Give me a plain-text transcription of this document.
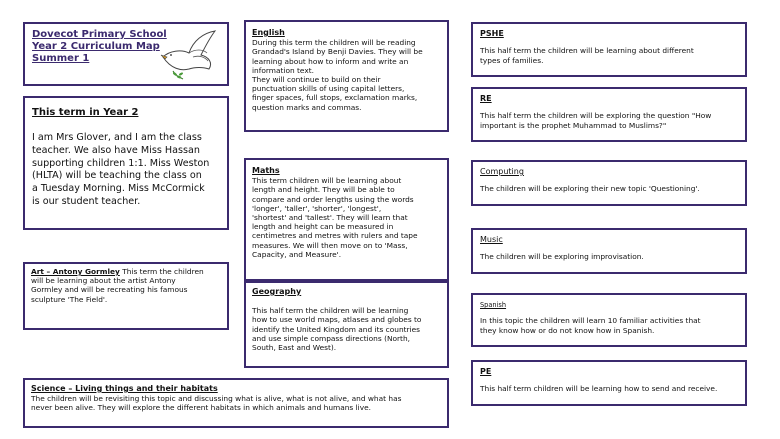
Dovecot Primary School
Year 2 Curriculum Map
Summer 1
This term in Year 2
I am Mrs Glover, and I am the class
teacher. We also have Miss Hassan
supporting children 1:1. Miss Weston
(HLTA) will be teaching the class on
a Tuesday Morning. Miss McCormick
is our student teacher.
Art – Antony Gormley This term the children
will be learning about the artist Antony
Gormley and will be recreating his famous
sculpture 'The Field'.
Science – Living things and their habitats
The children will be revisiting this topic and discussing what is alive, what is not alive, and what has
never been alive. They will explore the different habitats in which animals and humans live.
English
During this term the children will be reading
Grandad's Island by Benji Davies. They will be
learning about how to inform and write an
information text.
They will continue to build on their
punctuation skills of using capital letters,
finger spaces, full stops, exclamation marks,
question marks and commas.
Maths
This term children will be learning about
length and height. They will be able to
compare and order lengths using the words
'longer', 'taller', 'shorter', 'longest',
'shortest' and 'tallest'. They will learn that
length and height can be measured in
centimetres and metres with rulers and tape
measures. We will then move on to 'Mass,
Capacity, and Measure'.
Geography
This half term the children will be learning
how to use world maps, atlases and globes to
identify the United Kingdom and its countries
and use simple compass directions (North,
South, East and West).
PSHE
This half term the children will be learning about different
types of families.
RE
This half term the children will be exploring the question "How
important is the prophet Muhammad to Muslims?"
Computing
The children will be exploring their new topic 'Questioning'.
Music
The children will be exploring improvisation.
Spanish
In this topic the children will learn 10 familiar activities that
they know how or do not know how in Spanish.
PE
This half term children will be learning how to send and receive.
